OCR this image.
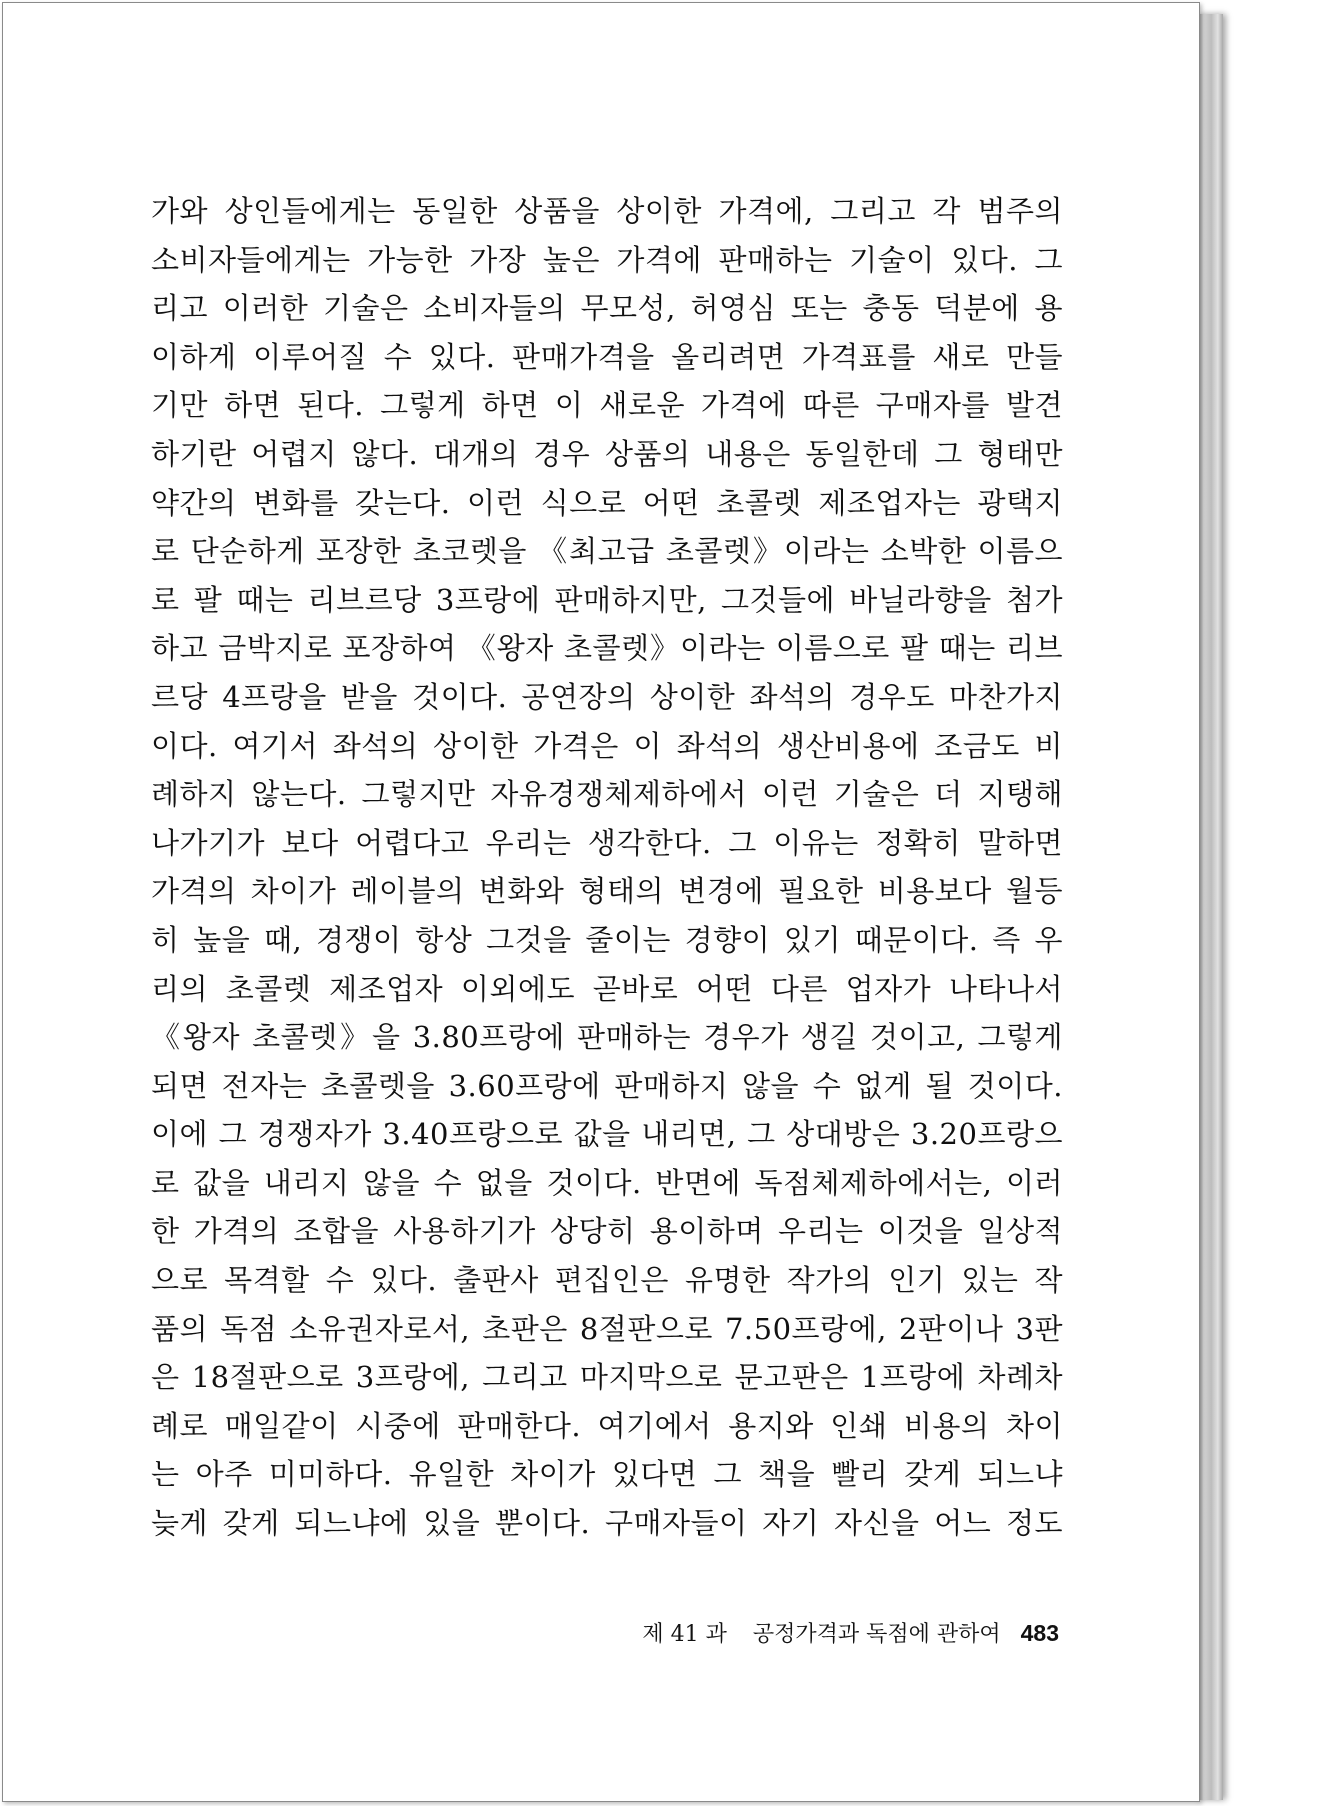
가와 상인들에게는 동일한 상품을 상이한 가격에, 그리고 각 범주의
소비자들에게는 가능한 가장 높은 가격에 판매하는 기술이 있다. 그
리고 이러한 기술은 소비자들의 무모성, 허영심 또는 충동 덕분에 용
이하게 이루어질 수 있다. 판매가격을 올리려면 가격표를 새로 만들
기만 하면 된다. 그렇게 하면 이 새로운 가격에 따른 구매자를 발견
하기란 어렵지 않다. 대개의 경우 상품의 내용은 동일한데 그 형태만
약간의 변화를 갖는다. 이런 식으로 어떤 초콜렛 제조업자는 광택지
로 단순하게 포장한 초코렛을 《최고급 초콜렛》이라는 소박한 이름으
로 팔 때는 리브르당 3프랑에 판매하지만, 그것들에 바닐라향을 첨가
하고 금박지로 포장하여 《왕자 초콜렛》이라는 이름으로 팔 때는 리브
르당 4프랑을 받을 것이다. 공연장의 상이한 좌석의 경우도 마찬가지
이다. 여기서 좌석의 상이한 가격은 이 좌석의 생산비용에 조금도 비
례하지 않는다. 그렇지만 자유경쟁체제하에서 이런 기술은 더 지탱해
나가기가 보다 어렵다고 우리는 생각한다. 그 이유는 정확히 말하면
가격의 차이가 레이블의 변화와 형태의 변경에 필요한 비용보다 월등
히 높을 때, 경쟁이 항상 그것을 줄이는 경향이 있기 때문이다. 즉 우
리의 초콜렛 제조업자 이외에도 곧바로 어떤 다른 업자가 나타나서
《왕자 초콜렛》을 3.80프랑에 판매하는 경우가 생길 것이고, 그렇게
되면 전자는 초콜렛을 3.60프랑에 판매하지 않을 수 없게 될 것이다.
이에 그 경쟁자가 3.40프랑으로 값을 내리면, 그 상대방은 3.20프랑으
로 값을 내리지 않을 수 없을 것이다. 반면에 독점체제하에서는, 이러
한 가격의 조합을 사용하기가 상당히 용이하며 우리는 이것을 일상적
으로 목격할 수 있다. 출판사 편집인은 유명한 작가의 인기 있는 작
품의 독점 소유권자로서, 초판은 8절판으로 7.50프랑에, 2판이나 3판
은 18절판으로 3프랑에, 그리고 마지막으로 문고판은 1프랑에 차례차
례로 매일같이 시중에 판매한다. 여기에서 용지와 인쇄 비용의 차이
는 아주 미미하다. 유일한 차이가 있다면 그 책을 빨리 갖게 되느냐
늦게 갖게 되느냐에 있을 뿐이다. 구매자들이 자기 자신을 어느 정도
제 41 과 공정가격과 독점에 관하여 483
